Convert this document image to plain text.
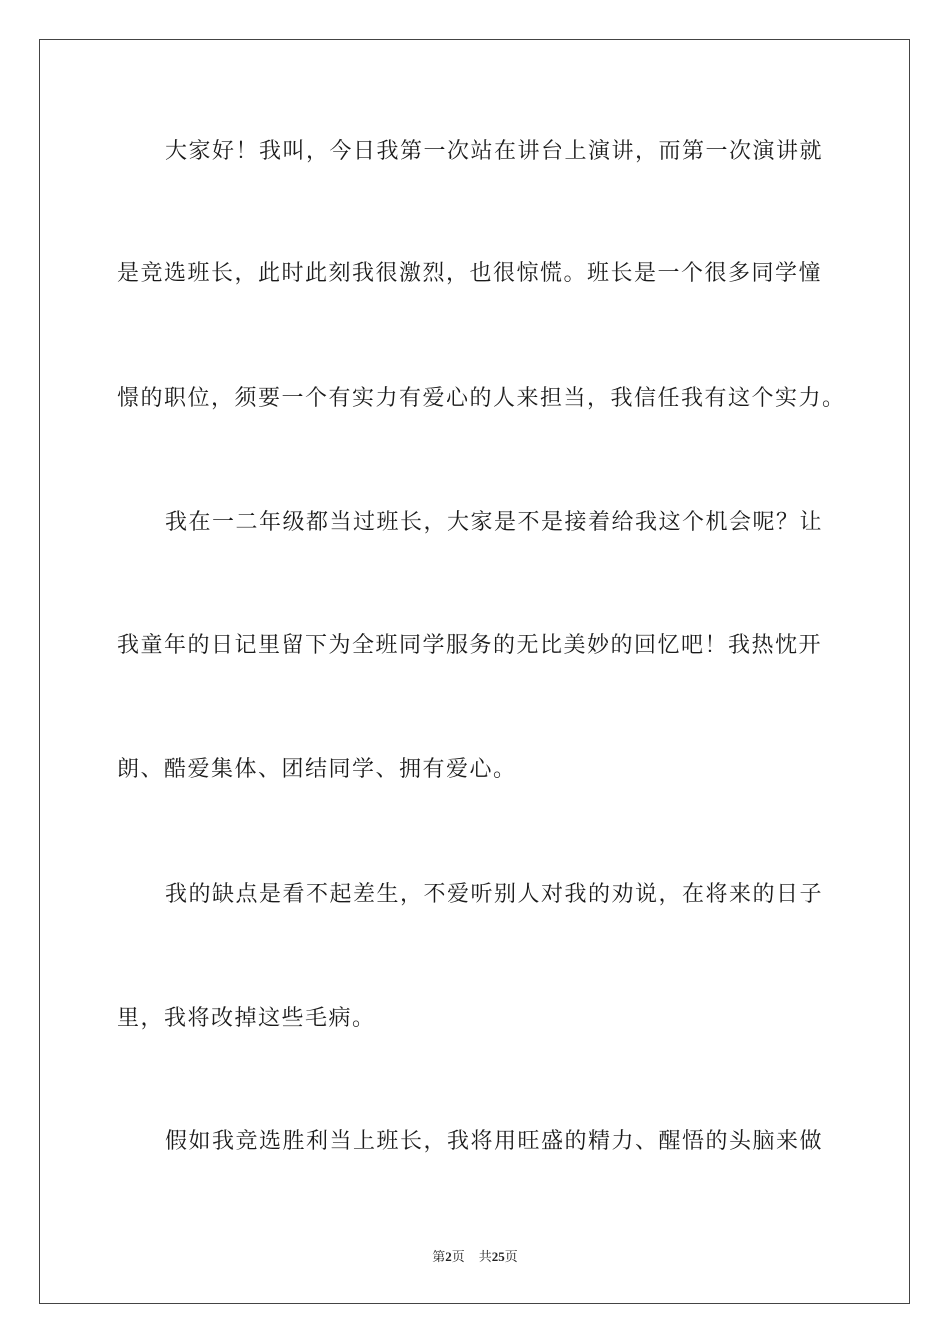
大家好！我叫，今日我第一次站在讲台上演讲，而第一次演讲就
是竞选班长，此时此刻我很激烈，也很惊慌。班长是一个很多同学憧
憬的职位，须要一个有实力有爱心的人来担当，我信任我有这个实力。
我在一二年级都当过班长，大家是不是接着给我这个机会呢？让
我童年的日记里留下为全班同学服务的无比美妙的回忆吧！我热忱开
朗、酷爱集体、团结同学、拥有爱心。
我的缺点是看不起差生，不爱听别人对我的劝说，在将来的日子
里，我将改掉这些毛病。
假如我竞选胜利当上班长，我将用旺盛的精力、醒悟的头脑来做
第2页 共25页
